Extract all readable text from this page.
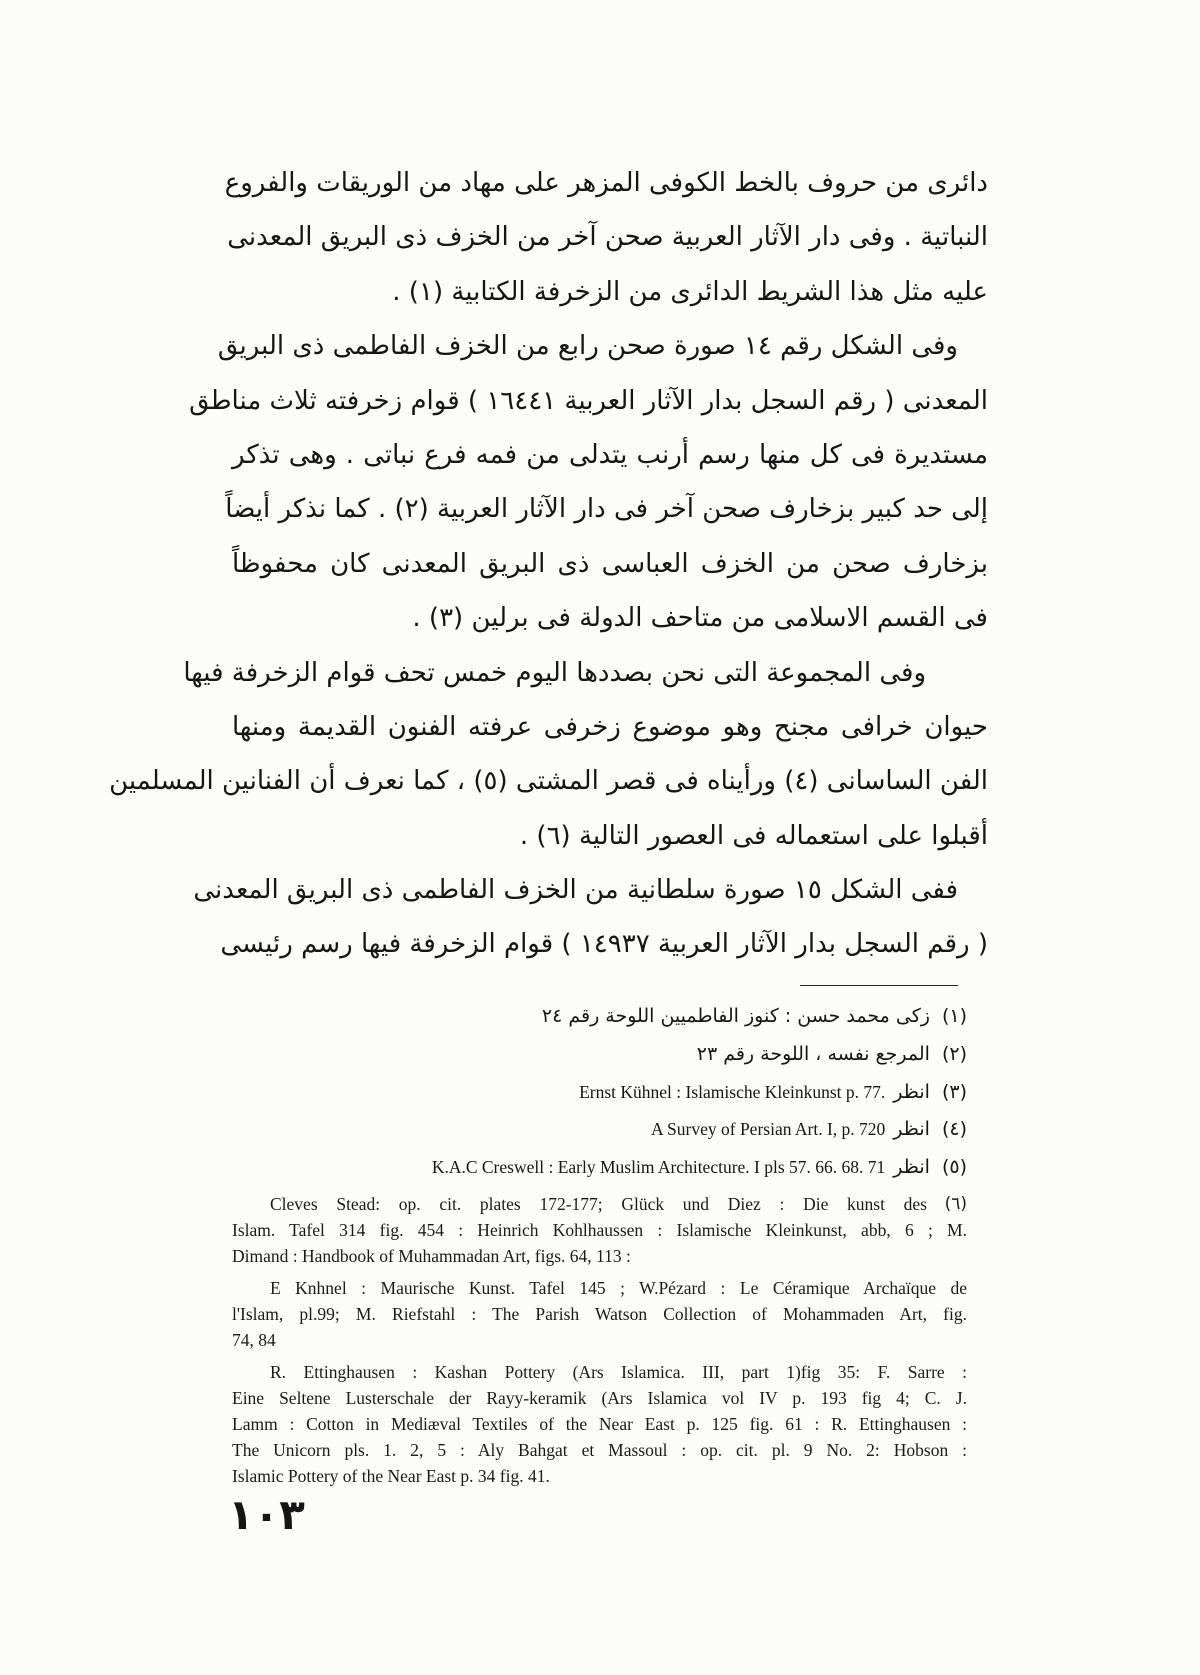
دائرى من حروف بالخط الكوفى المزهر على مهاد من الوريقات والفروع
النباتية . وفى دار الآثار العربية صحن آخر من الخزف ذى البريق المعدنى
عليه مثل هذا الشريط الدائرى من الزخرفة الكتابية (١) .
وفى الشكل رقم ١٤ صورة صحن رابع من الخزف الفاطمى ذى البريق
المعدنى ( رقم السجل بدار الآثار العربية ١٦٤٤١ ) قوام زخرفته ثلاث مناطق
مستديرة فى كل منها رسم أرنب يتدلى من فمه فرع نباتى . وهى تذكر
إلى حد كبير بزخارف صحن آخر فى دار الآثار العربية (٢) . كما نذكر أيضاً
بزخارف صحن من الخزف العباسى ذى البريق المعدنى كان محفوظاً
فى القسم الاسلامى من متاحف الدولة فى برلين (٣) .
وفى المجموعة التى نحن بصددها اليوم خمس تحف قوام الزخرفة فيها
حيوان خرافى مجنح وهو موضوع زخرفى عرفته الفنون القديمة ومنها
الفن الساسانى (٤) ورأيناه فى قصر المشتى (٥) ، كما نعرف أن الفنانين المسلمين
أقبلوا على استعماله فى العصور التالية (٦) .
ففى الشكل ١٥ صورة سلطانية من الخزف الفاطمى ذى البريق المعدنى
( رقم السجل بدار الآثار العربية ١٤٩٣٧ ) قوام الزخرفة فيها رسم رئيسى
(١)زكى محمد حسن : كنوز الفاطميين اللوحة رقم ٢٤
(٢)المرجع نفسه ، اللوحة رقم ٢٣
(٣)انظرErnst Kühnel : Islamische Kleinkunst p. 77.
(٤)انظرA Survey of Persian Art. I, p. 720
(٥)انظرK.A.C Creswell : Early Muslim Architecture. I pls 57. 66. 68. 71
Cleves Stead: op. cit. plates 172-177; Glück und Diez : Die kunst des (٦)
Islam. Tafel 314 fig. 454 : Heinrich Kohlhaussen : Islamische Kleinkunst, abb, 6 ; M.
Dimand : Handbook of Muhammadan Art, figs. 64, 113 :
E Knhnel : Maurische Kunst. Tafel 145 ; W.Pézard : Le Céramique Archaïque de
l'Islam, pl.99; M. Riefstahl : The Parish Watson Collection of Mohammaden Art, fig.
74, 84
R. Ettinghausen : Kashan Pottery (Ars Islamica. III, part 1)fig 35: F. Sarre :
Eine Seltene Lusterschale der Rayy-keramik (Ars Islamica vol IV p. 193 fig 4; C. J.
Lamm : Cotton in Mediæval Textiles of the Near East p. 125 fig. 61 : R. Ettinghausen :
The Unicorn pls. 1. 2, 5 : Aly Bahgat et Massoul : op. cit. pl. 9 No. 2: Hobson :
Islamic Pottery of the Near East p. 34 fig. 41.
١٠٣
